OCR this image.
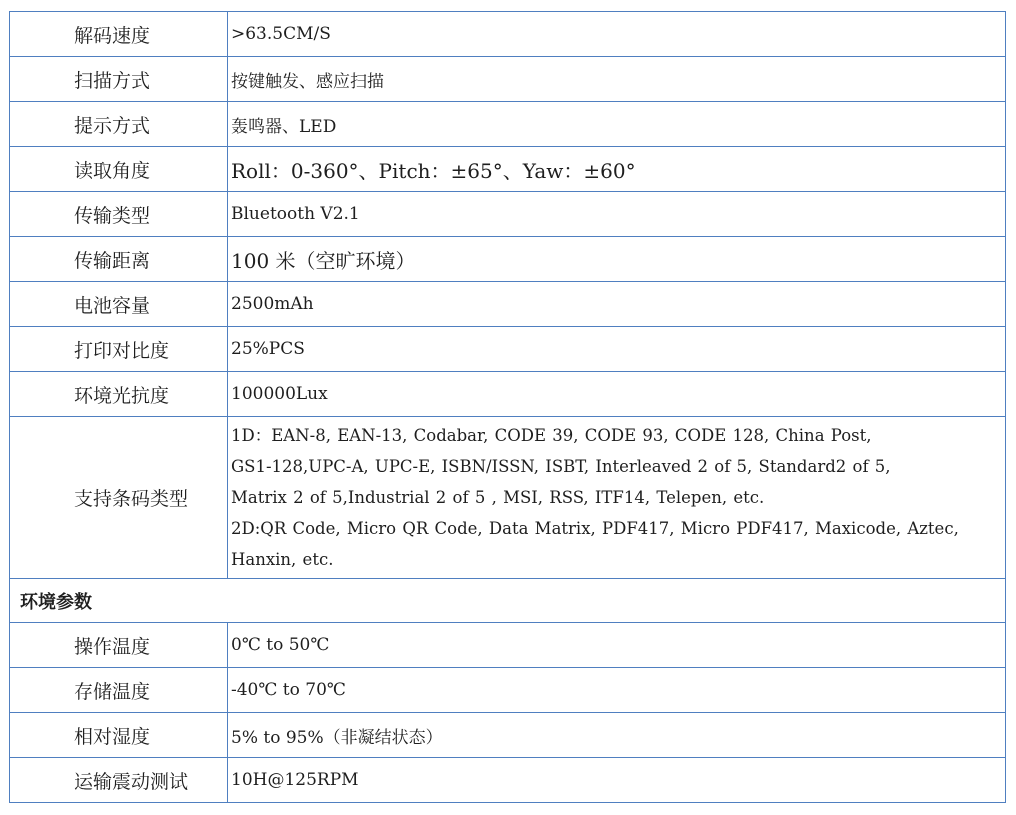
解码速度	>63.5CM/S
扫描方式	按键触发、感应扫描
提示方式	轰鸣器、LED
读取角度	Roll：0-360°、Pitch：±65°、Yaw：±60°
传输类型	Bluetooth V2.1
传输距离	100 米（空旷环境）
电池容量	2500mAh
打印对比度	25%PCS
环境光抗度	100000Lux
支持条码类型	1D：EAN-8, EAN-13, Codabar, CODE 39, CODE 93, CODE 128, China Post,
GS1-128,UPC-A, UPC-E, ISBN/ISSN, ISBT, Interleaved 2 of 5, Standard2 of 5,
Matrix 2 of 5,Industrial 2 of 5 , MSI, RSS, ITF14, Telepen, etc.
2D:QR Code, Micro QR Code, Data Matrix, PDF417, Micro PDF417, Maxicode, Aztec,
Hanxin, etc.

环境参数	
操作温度	0℃ to 50℃
存储温度	-40℃ to 70℃
相对湿度	5% to 95%（非凝结状态）
运输震动测试	10H@125RPM
